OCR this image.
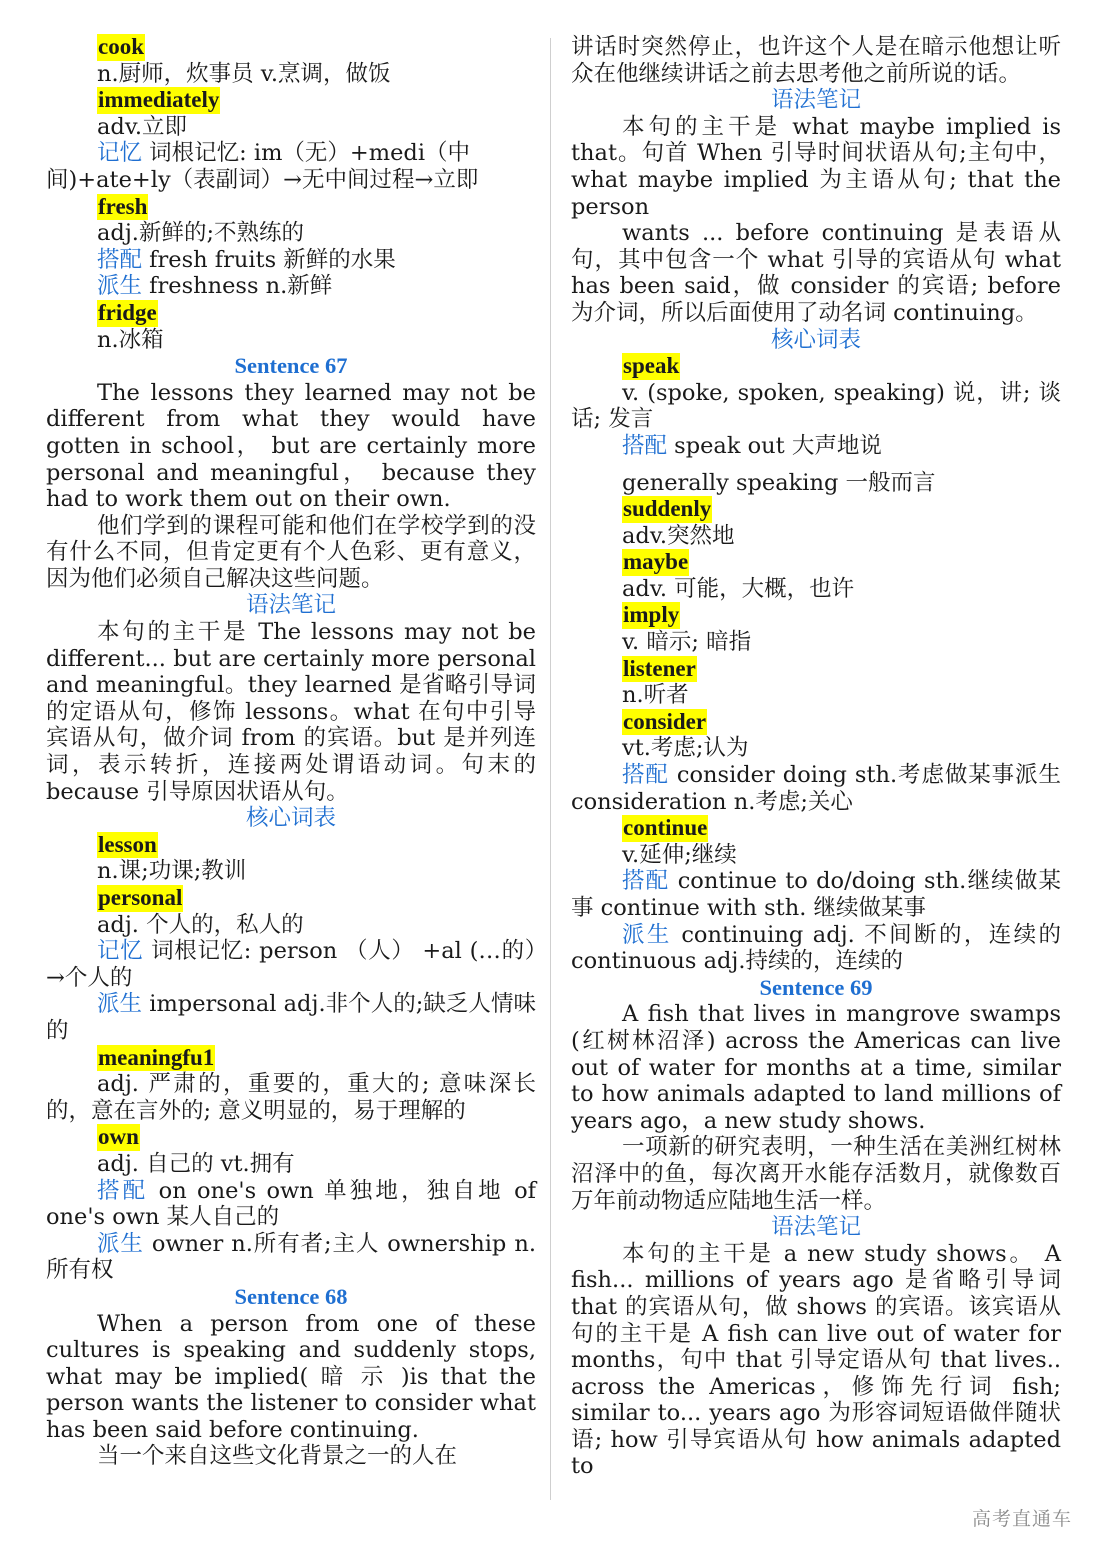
cook

n.厨师，炊事员 v.烹调，做饭

immediately

adv.立即

记忆 词根记忆: im（无）+medi（中间)+ate+ly（表副词）→无中间过程→立即

fresh

adj.新鲜的;不熟练的

搭配 fresh fruits 新鲜的水果

派生 freshness n.新鲜

fridge

n.冰箱

Sentence 67

The lessons they learned may not be different from what they would have gotten in school， but are certainly more personal and meaningful， because they had to work them out on their own.

他们学到的课程可能和他们在学校学到的没有什么不同，但肯定更有个人色彩、更有意义，因为他们必须自己解决这些问题。

语法笔记

本句的主干是 The lessons may not be different... but are certainly more personal and meaningful。they learned 是省略引导词的定语从句，修饰 lessons。what 在句中引导宾语从句，做介词 from 的宾语。but 是并列连词，表示转折，连接两处谓语动词。句末的 because 引导原因状语从句。

核心词表

lesson

n.课;功课;教训

personal

adj. 个人的，私人的

记忆 词根记忆: person （人） +al (…的）→个人的

派生 impersonal adj.非个人的;缺乏人情味的

meaningfu1

adj. 严肃的，重要的，重大的; 意味深长的，意在言外的; 意义明显的，易于理解的

own

adj. 自己的 vt.拥有

搭配 on one's own 单独地，独自地 of one's own 某人自己的

派生 owner n.所有者;主人 ownership n.所有权

Sentence 68

When a person from one of these cultures is speaking and suddenly stops, what may be implied( 暗 示 )is that the person wants the listener to consider what has been said before continuing.

当一个来自这些文化背景之一的人在

讲话时突然停止，也许这个人是在暗示他想让听众在他继续讲话之前去思考他之前所说的话。

语法笔记

本句的主干是 what maybe implied is that。句首 When 引导时间状语从句;主句中，what maybe implied 为主语从句; that the person

wants ... before continuing 是表语从句，其中包含一个 what 引导的宾语从句 what has been said，做 consider 的宾语; before 为介词，所以后面使用了动名词 continuing。

核心词表

speak

v. (spoke, spoken, speaking) 说，讲; 谈话; 发言

搭配 speak out 大声地说

generally speaking 一般而言

suddenly

adv.突然地

maybe

adv. 可能，大概，也许

imply

v. 暗示; 暗指

listener

n.听者

consider

vt.考虑;认为

搭配 consider doing sth.考虑做某事派生 consideration n.考虑;关心

continue

v.延伸;继续

搭配 continue to do/doing sth.继续做某事 continue with sth. 继续做某事

派生 continuing adj. 不间断的，连续的 continuous adj.持续的，连续的

Sentence 69

A fish that lives in mangrove swamps (红树林沼泽) across the Americas can live out of water for months at a time, similar to how animals adapted to land millions of years ago，a new study shows.

一项新的研究表明，一种生活在美洲红树林沼泽中的鱼，每次离开水能存活数月，就像数百万年前动物适应陆地生活一样。

语法笔记

本句的主干是 a new study shows。 A fish... millions of years ago 是省略引导词 that 的宾语从句，做 shows 的宾语。该宾语从句的主干是 A fish can live out of water for months，句中 that 引导定语从句 that lives.. across the Americas，修饰先行词 fish; similar to... years ago 为形容词短语做伴随状语; how 引导宾语从句 how animals adapted to

高考直通车
